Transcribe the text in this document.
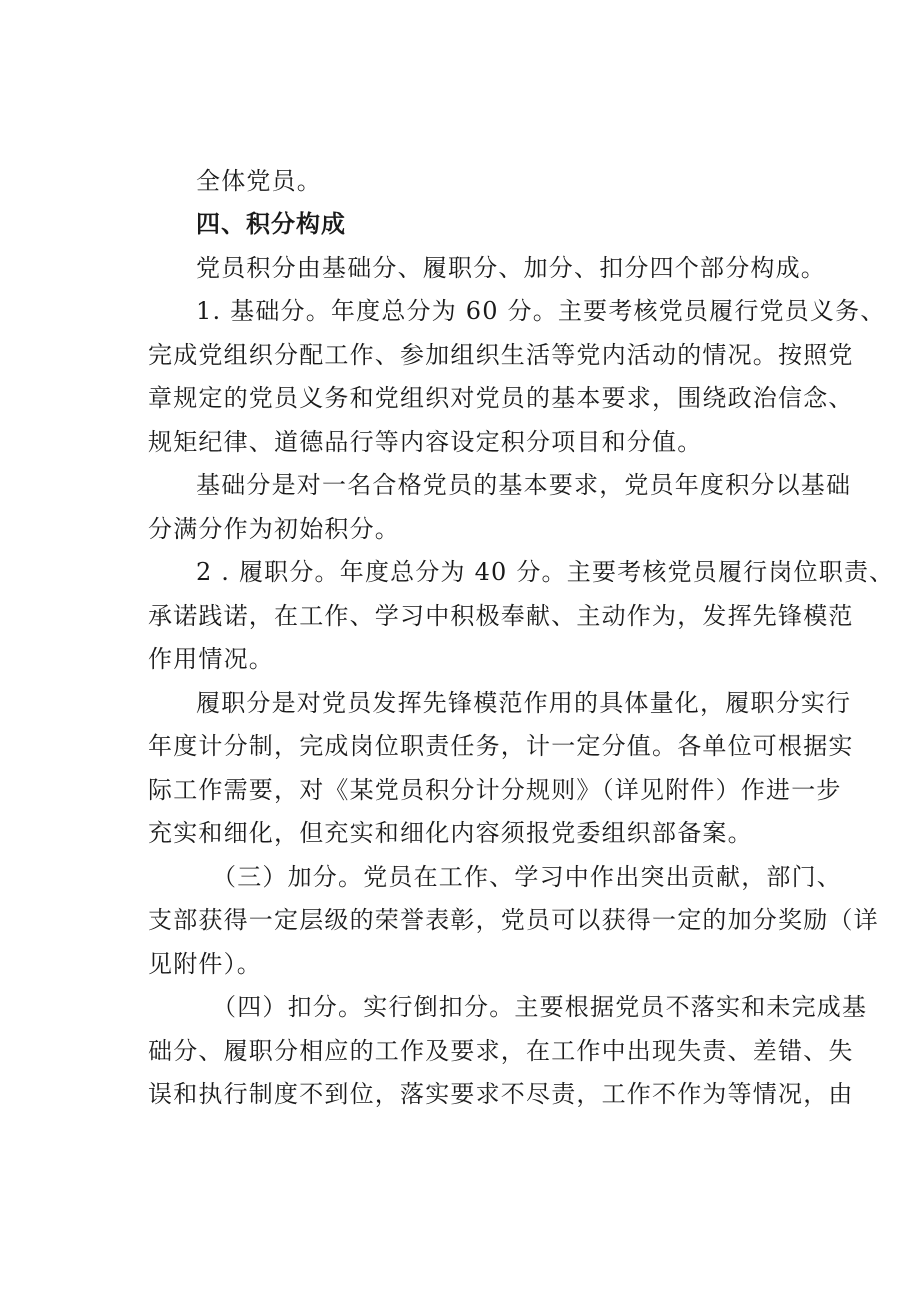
全体党员。
四、积分构成
党员积分由基础分、履职分、加分、扣分四个部分构成。
1. 基础分。年度总分为 60 分。主要考核党员履行党员义务、
完成党组织分配工作、参加组织生活等党内活动的情况。按照党
章规定的党员义务和党组织对党员的基本要求，围绕政治信念、
规矩纪律、道德品行等内容设定积分项目和分值。
基础分是对一名合格党员的基本要求，党员年度积分以基础
分满分作为初始积分。
2 . 履职分。年度总分为 40 分。主要考核党员履行岗位职责、
承诺践诺，在工作、学习中积极奉献、主动作为，发挥先锋模范
作用情况。
履职分是对党员发挥先锋模范作用的具体量化，履职分实行
年度计分制，完成岗位职责任务，计一定分值。各单位可根据实
际工作需要，对《某党员积分计分规则》（详见附件）作进一步
充实和细化，但充实和细化内容须报党委组织部备案。
（三）加分。党员在工作、学习中作出突出贡献，部门、
支部获得一定层级的荣誉表彰，党员可以获得一定的加分奖励（详
见附件）。
（四）扣分。实行倒扣分。主要根据党员不落实和未完成基
础分、履职分相应的工作及要求，在工作中出现失责、差错、失
误和执行制度不到位，落实要求不尽责，工作不作为等情况，由
